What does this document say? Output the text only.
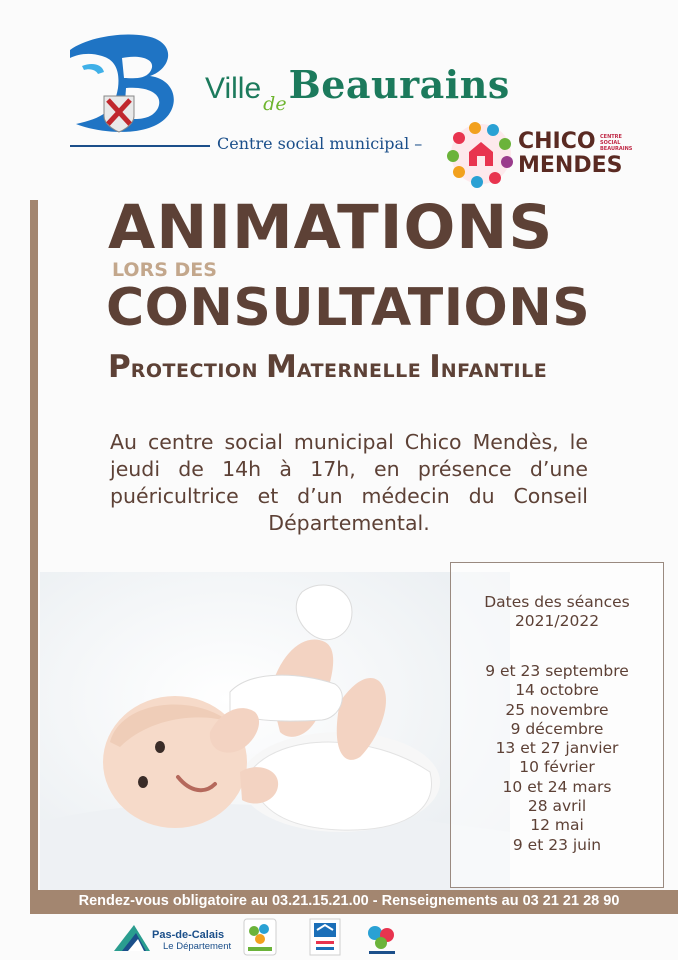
Ville deBeaurains
Centre social municipal –	CHICO CENTRE SOCIAL BEAURAINS
MENDES
ANIMATIONS
LORS DES
CONSULTATIONS
PROTECTION MATERNELLE INFANTILE
Au centre social municipal Chico Mendès, le jeudi de 14h à 17h, en présence d’une puéricultrice et d’un médecin du Conseil Départemental.
Dates des séances
2021/2022
9 et 23 septembre
14 octobre
25 novembre
9 décembre
13 et 27 janvier
10 février
10 et 24 mars
28 avril
12 mai
9 et 23 juin
Rendez-vous obligatoire au 03.21.15.21.00 - Renseignements au 03 21 21 28 90
Pas-de-Calais
Le Département
